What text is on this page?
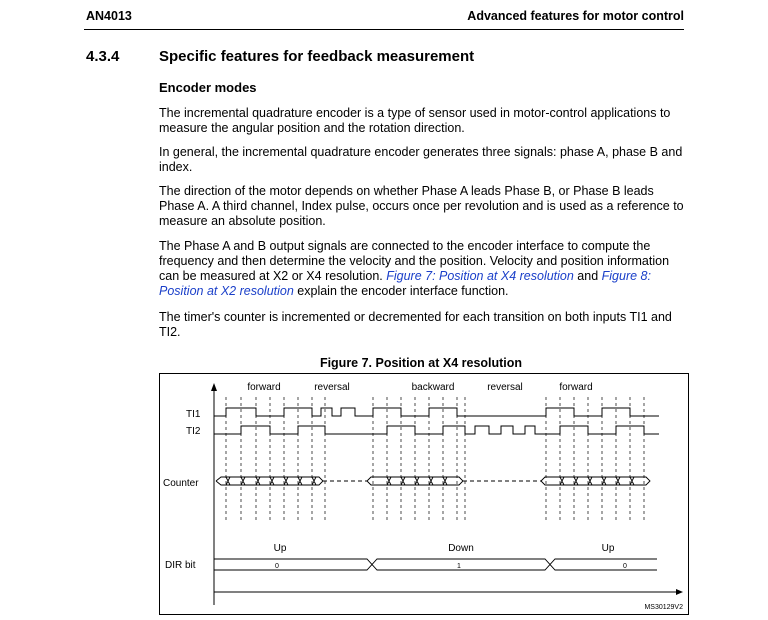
AN4013	Advanced features for motor control
4.3.4	Specific features for feedback measurement
Encoder modes

The incremental quadrature encoder is a type of sensor used in motor-control applications to measure the angular position and the rotation direction.

In general, the incremental quadrature encoder generates three signals: phase A, phase B and index.

The direction of the motor depends on whether Phase A leads Phase B, or Phase B leads Phase A. A third channel, Index pulse, occurs once per revolution and is used as a reference to measure an absolute position.

The Phase A and B output signals are connected to the encoder interface to compute the frequency and then determine the velocity and the position. Velocity and position information can be measured at X2 or X4 resolution. Figure 7: Position at X4 resolution and Figure 8: Position at X2 resolution explain the encoder interface function.

The timer's counter is incremented or decremented for each transition on both inputs TI1 and TI2.

Figure 7. Position at X4 resolution
forward	reversal	backward	reversal	forward
TI1
TI2
Counter
DIR bit
Up	Down	Up
0	1	0
MS30129V2
